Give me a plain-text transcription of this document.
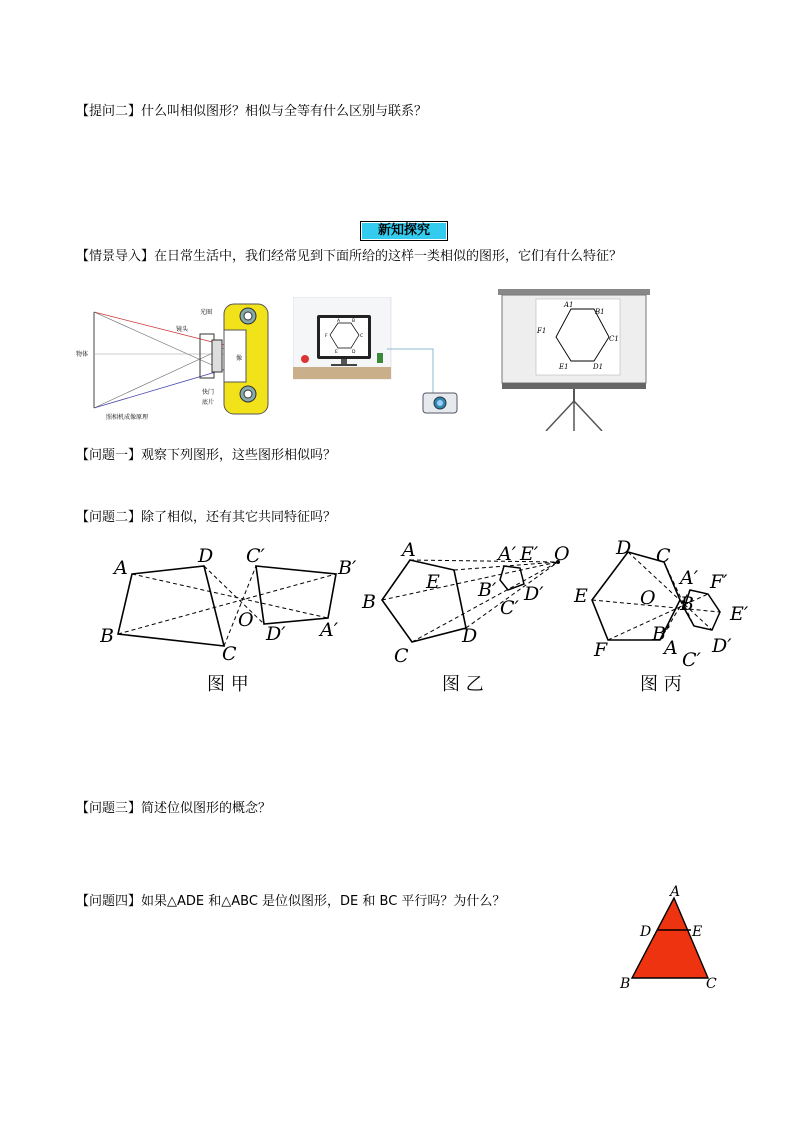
【提问二】什么叫相似图形？相似与全等有什么区别与联系？
新知探究
【情景导入】在日常生活中，我们经常见到下面所给的这样一类相似的图形，它们有什么特征？
物体
镜头
光圈
像
快门
底片
照相机成像原理
A	B
C
D
E
F
A1
B1
C1
D1
E1
F1
【问题一】观察下列图形，这些图形相似吗？
【问题二】除了相似，还有其它共同特征吗？
A
D
C
B
O
C′
B′
A′
D′
图 甲
A
E
B
D
C
A′ E′ O
B′ D′
C′
图 乙
D C
E	O B
B′
A
C′
F
A′ F′
E′
D′
图 丙
【问题三】简述位似图形的概念？
【问题四】如果△ADE 和△ABC 是位似图形，DE 和 BC 平行吗？为什么？
A
D	E
B	C
